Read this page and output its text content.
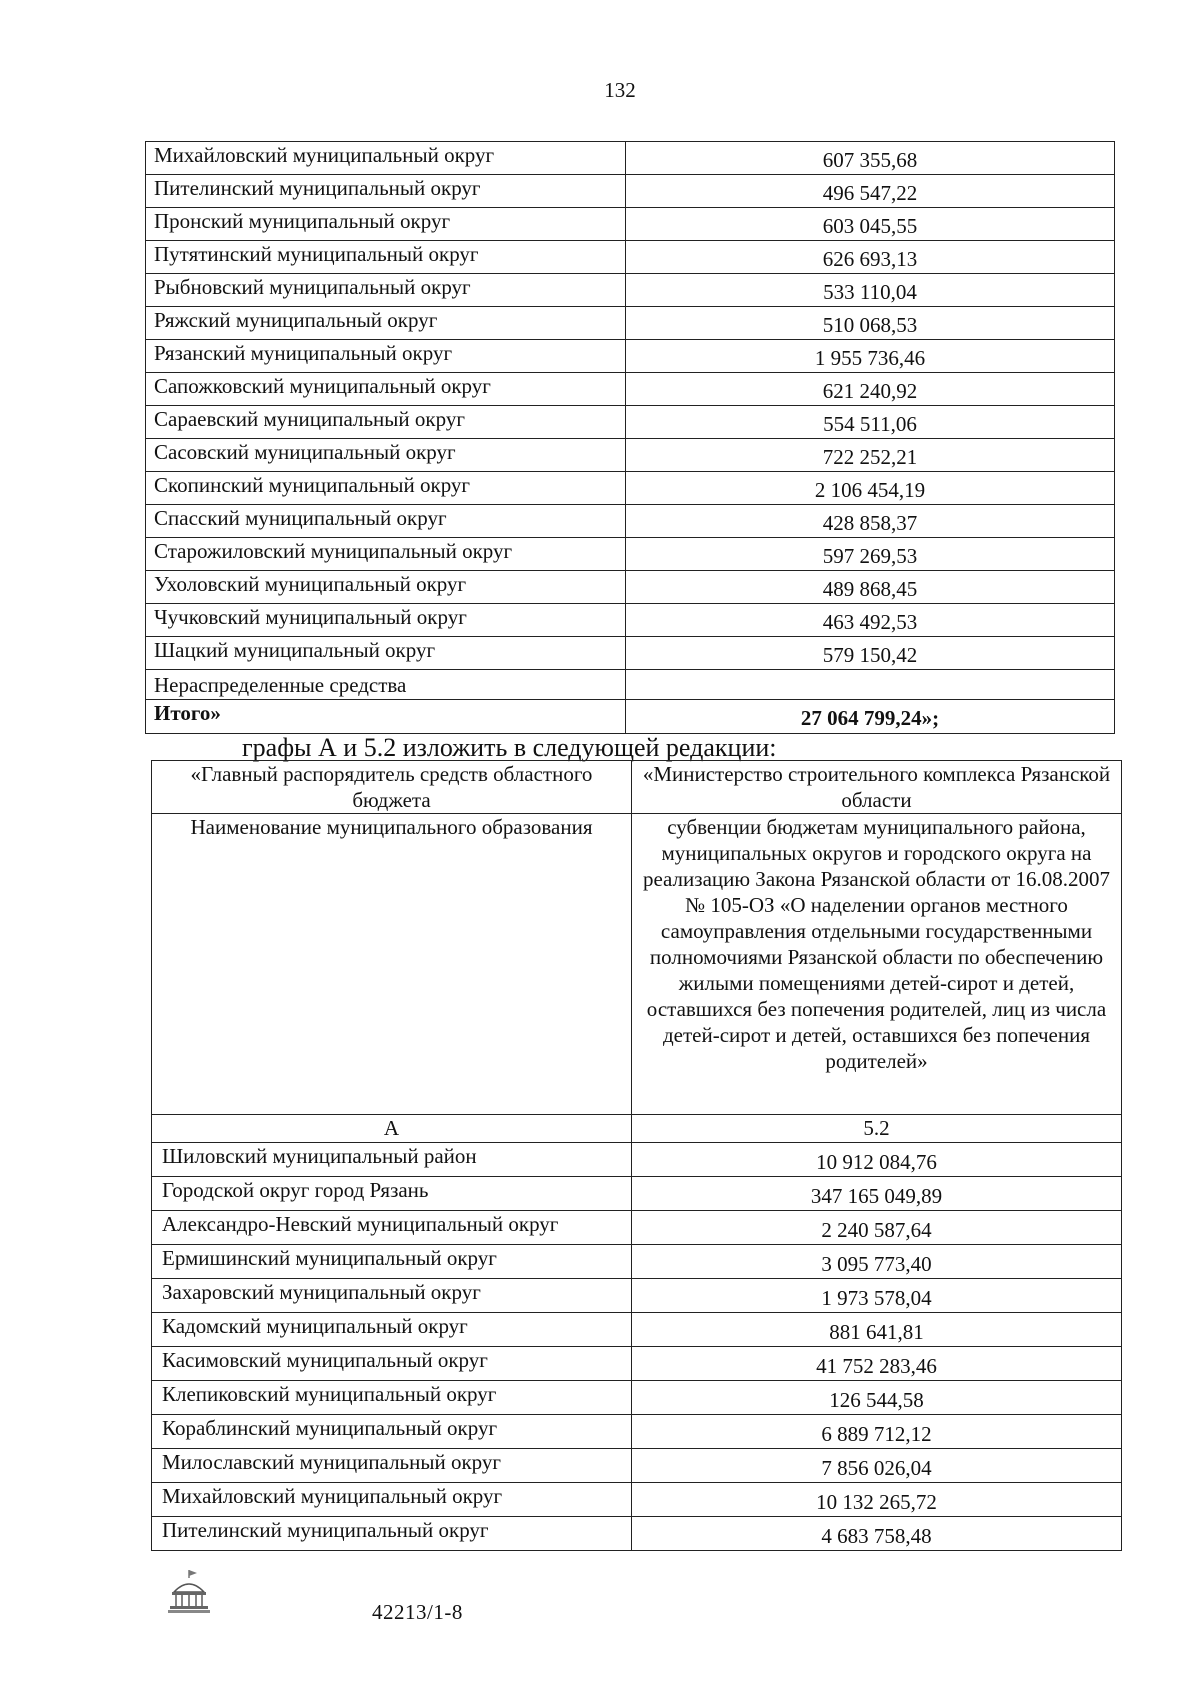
132
Михайловский муниципальный округ	607 355,68
Пителинский муниципальный округ	496 547,22
Пронский муниципальный округ	603 045,55
Путятинский муниципальный округ	626 693,13
Рыбновский муниципальный округ	533 110,04
Ряжский муниципальный округ	510 068,53
Рязанский муниципальный округ	1 955 736,46
Сапожковский муниципальный округ	621 240,92
Сараевский муниципальный округ	554 511,06
Сасовский муниципальный округ	722 252,21
Скопинский муниципальный округ	2 106 454,19
Спасский муниципальный округ	428 858,37
Старожиловский муниципальный округ	597 269,53
Ухоловский муниципальный округ	489 868,45
Чучковский муниципальный округ	463 492,53
Шацкий муниципальный округ	579 150,42
Нераспределенные средства	
Итого»	27 064 799,24»;
графы А и 5.2 изложить в следующей редакции:
«Главный распорядитель средств областного бюджета	«Министерство строительного комплекса Рязанской области
Наименование муниципального образования	субвенции бюджетам муниципального района, муниципальных округов и городского округа на реализацию Закона Рязанской области от 16.08.2007 № 105-ОЗ «О наделении органов местного самоуправления отдельными государственными полномочиями Рязанской области по обеспечению жилыми помещениями детей-сирот и детей, оставшихся без попечения родителей, лиц из числа детей-сирот и детей, оставшихся без попечения родителей»
А	5.2
Шиловский муниципальный район	10 912 084,76
Городской округ город Рязань	347 165 049,89
Александро-Невский муниципальный округ	2 240 587,64
Ермишинский муниципальный округ	3 095 773,40
Захаровский муниципальный округ	1 973 578,04
Кадомский муниципальный округ	881 641,81
Касимовский муниципальный округ	41 752 283,46
Клепиковский муниципальный округ	126 544,58
Кораблинский муниципальный округ	6 889 712,12
Милославский муниципальный округ	7 856 026,04
Михайловский муниципальный округ	10 132 265,72
Пителинский муниципальный округ	4 683 758,48
42213/1-8
